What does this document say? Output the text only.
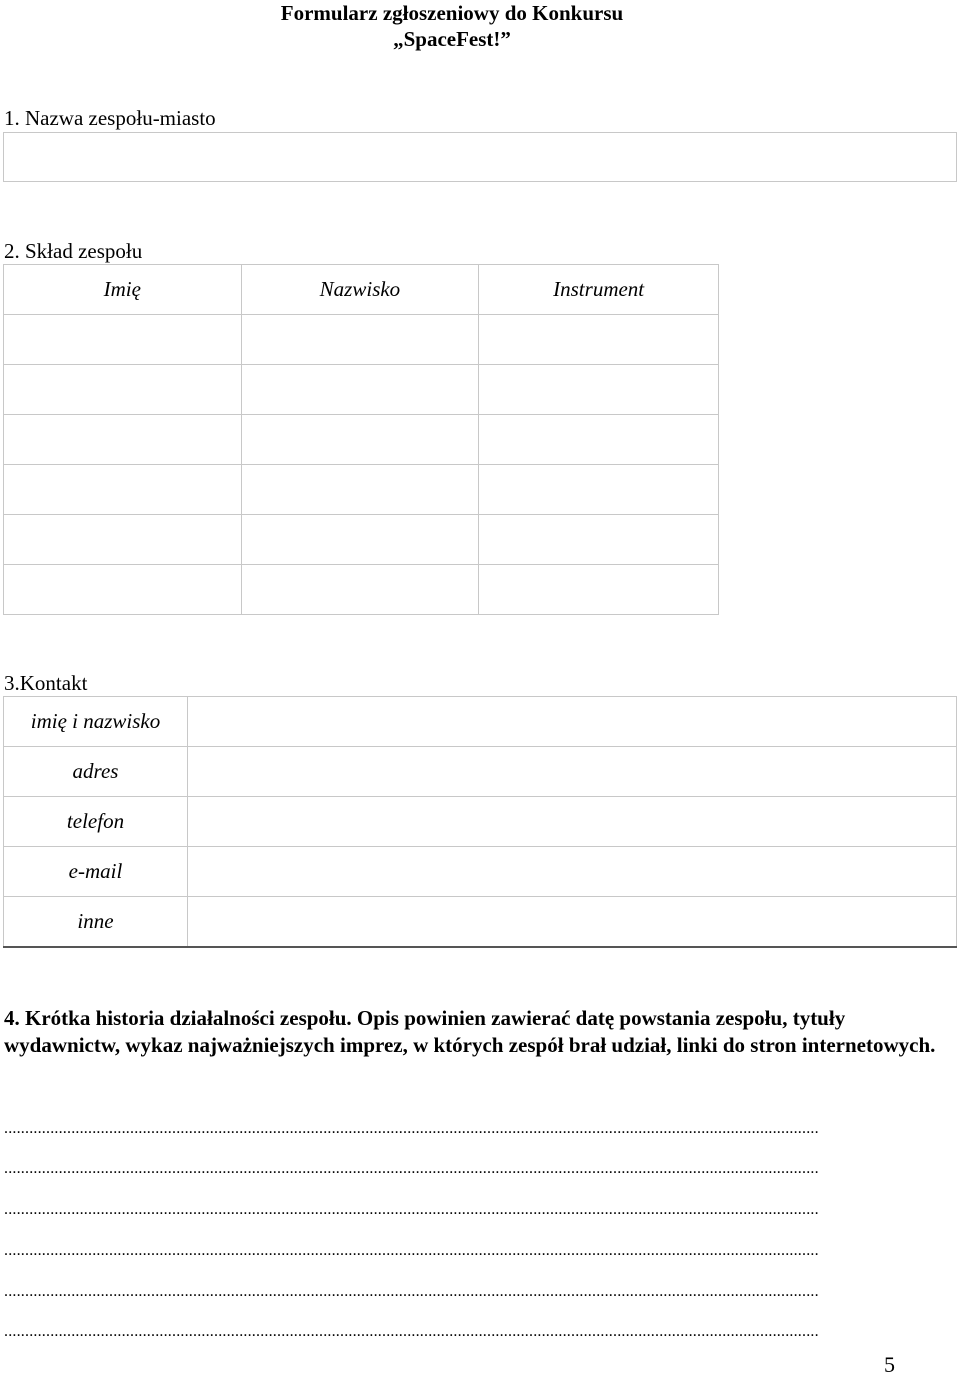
Formularz zgłoszeniowy do Konkursu
„SpaceFest!”
1. Nazwa zespołu-miasto
2. Skład zespołu
Imię	Nazwisko	Instrument

3.Kontakt
imię i nazwisko	
adres	
telefon	
e-mail	
inne	
4. Krótka historia działalności zespołu. Opis powinien zawierać datę powstania zespołu, tytuły wydawnictw, wykaz najważniejszych imprez, w których zespół brał udział, linki do stron internetowych.
..................................................................................................................................................................................................
..................................................................................................................................................................................................
..................................................................................................................................................................................................
..................................................................................................................................................................................................
..................................................................................................................................................................................................
..................................................................................................................................................................................................
5
